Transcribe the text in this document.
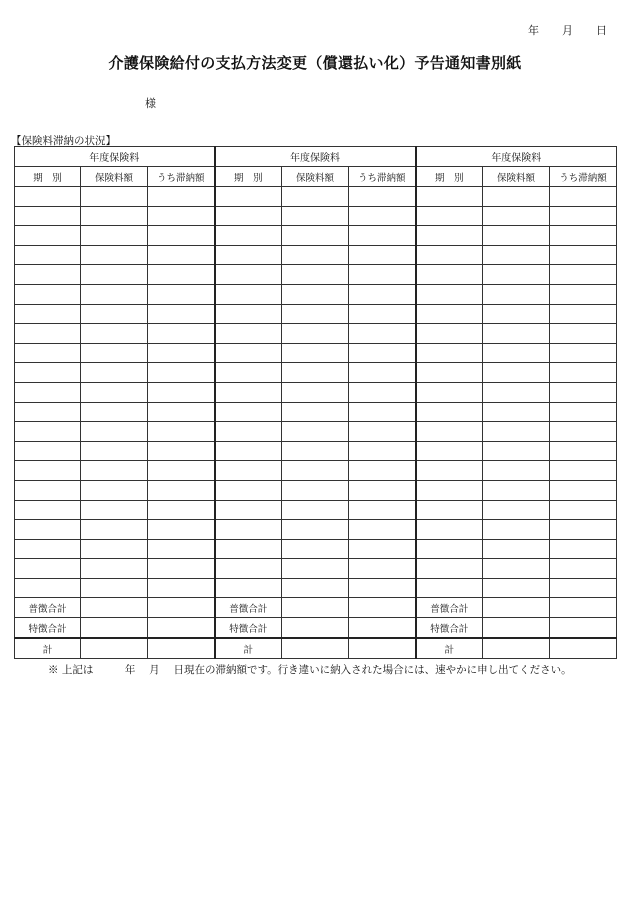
年	月	日
介護保険給付の支払方法変更（償還払い化）予告通知書別紙
様
【保険料滞納の状況】
年度保険料			年度保険料			年度保険料		
期　別	保険料額	うち滞納額	期　別	保険料額	うち滞納額	期　別	保険料額	うち滞納額

普徴合計			普徴合計			普徴合計		
特徴合計			特徴合計			特徴合計		
計			計			計		
※ 上記は　　　年　 月　 日現在の滞納額です。行き違いに納入された場合には、速やかに申し出てください。
